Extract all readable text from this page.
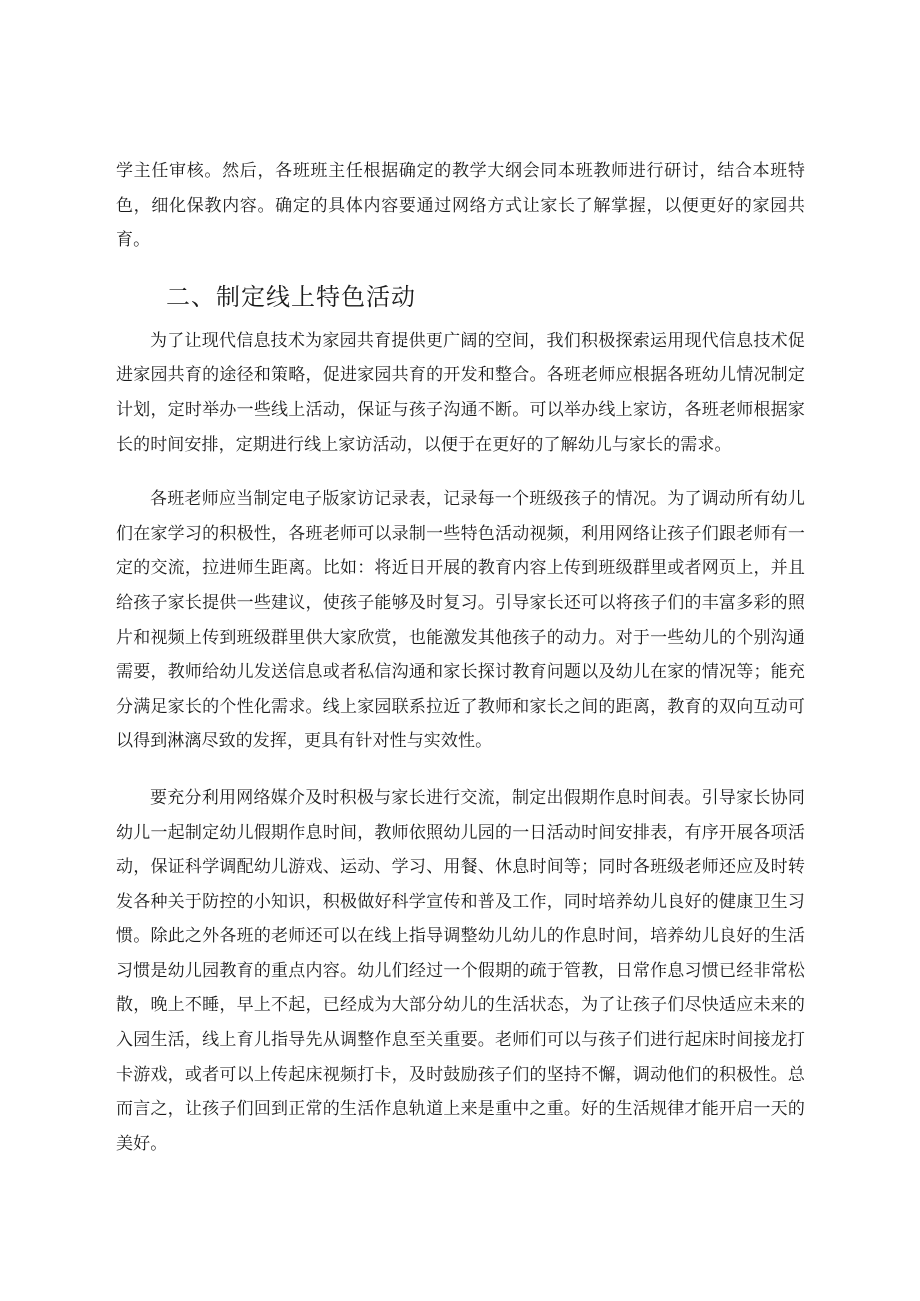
学主任审核。然后，各班班主任根据确定的教学大纲会同本班教师进行研讨，结合本班特色，细化保教内容。确定的具体内容要通过网络方式让家长了解掌握，以便更好的家园共育。

二、制定线上特色活动

为了让现代信息技术为家园共育提供更广阔的空间，我们积极探索运用现代信息技术促进家园共育的途径和策略，促进家园共育的开发和整合。各班老师应根据各班幼儿情况制定计划，定时举办一些线上活动，保证与孩子沟通不断。可以举办线上家访，各班老师根据家长的时间安排，定期进行线上家访活动，以便于在更好的了解幼儿与家长的需求。

各班老师应当制定电子版家访记录表，记录每一个班级孩子的情况。为了调动所有幼儿们在家学习的积极性，各班老师可以录制一些特色活动视频，利用网络让孩子们跟老师有一定的交流，拉进师生距离。比如：将近日开展的教育内容上传到班级群里或者网页上，并且给孩子家长提供一些建议，使孩子能够及时复习。引导家长还可以将孩子们的丰富多彩的照片和视频上传到班级群里供大家欣赏，也能激发其他孩子的动力。对于一些幼儿的个别沟通需要，教师给幼儿发送信息或者私信沟通和家长探讨教育问题以及幼儿在家的情况等；能充分满足家长的个性化需求。线上家园联系拉近了教师和家长之间的距离，教育的双向互动可以得到淋漓尽致的发挥，更具有针对性与实效性。

要充分利用网络媒介及时积极与家长进行交流，制定出假期作息时间表。引导家长协同幼儿一起制定幼儿假期作息时间，教师依照幼儿园的一日活动时间安排表，有序开展各项活动，保证科学调配幼儿游戏、运动、学习、用餐、休息时间等；同时各班级老师还应及时转发各种关于防控的小知识，积极做好科学宣传和普及工作，同时培养幼儿良好的健康卫生习惯。除此之外各班的老师还可以在线上指导调整幼儿幼儿的作息时间，培养幼儿良好的生活习惯是幼儿园教育的重点内容。幼儿们经过一个假期的疏于管教，日常作息习惯已经非常松散，晚上不睡，早上不起，已经成为大部分幼儿的生活状态，为了让孩子们尽快适应未来的入园生活，线上育儿指导先从调整作息至关重要。老师们可以与孩子们进行起床时间接龙打卡游戏，或者可以上传起床视频打卡，及时鼓励孩子们的坚持不懈，调动他们的积极性。总而言之，让孩子们回到正常的生活作息轨道上来是重中之重。好的生活规律才能开启一天的美好。
